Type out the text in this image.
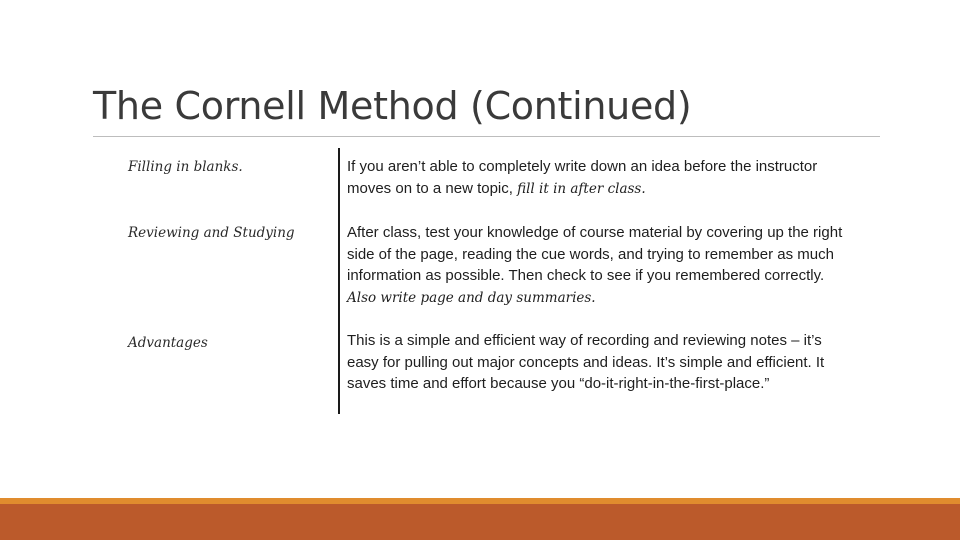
The Cornell Method (Continued)

Filling in blanks.	If you aren’t able to completely write down an idea before the instructor moves on to a new topic, fill it in after class.

Reviewing and Studying	After class, test your knowledge of course material by covering up the right side of the page, reading the cue words, and trying to remember as much information as possible. Then check to see if you remembered correctly. Also write page and day summaries.

Advantages	This is a simple and efficient way of recording and reviewing notes – it’s easy for pulling out major concepts and ideas. It’s simple and efficient. It saves time and effort because you “do-it-right-in-the-first-place.”
